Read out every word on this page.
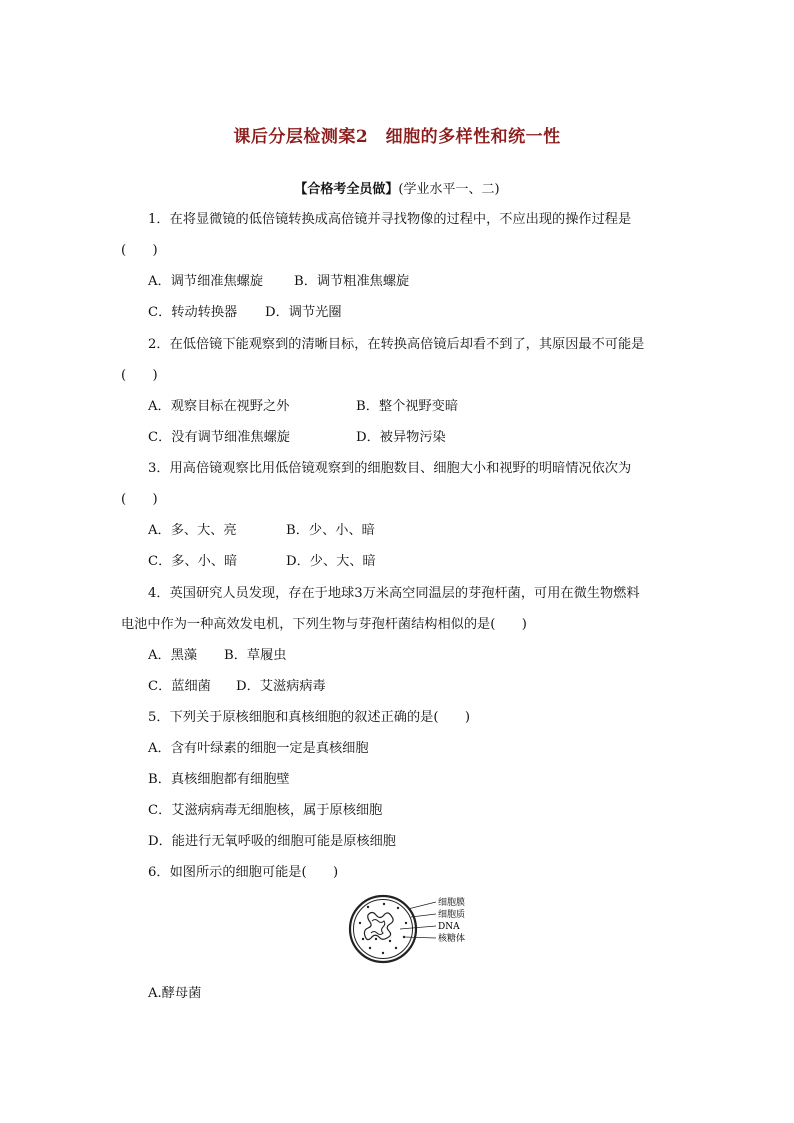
课后分层检测案2　细胞的多样性和统一性
【合格考全员做】(学业水平一、二)
1．在将显微镜的低倍镜转换成高倍镜并寻找物像的过程中，不应出现的操作过程是
(　　)
A．调节细准焦螺旋 B．调节粗准焦螺旋
C．转动转换器 D．调节光圈
2．在低倍镜下能观察到的清晰目标，在转换高倍镜后却看不到了，其原因最不可能是
(　　)
A．观察目标在视野之外	B．整个视野变暗
C．没有调节细准焦螺旋	D．被异物污染
3．用高倍镜观察比用低倍镜观察到的细胞数目、细胞大小和视野的明暗情况依次为
(　　)
A．多、大、亮	B．少、小、暗
C．多、小、暗	D．少、大、暗
4．英国研究人员发现，存在于地球3万米高空同温层的芽孢杆菌，可用在微生物燃料
电池中作为一种高效发电机，下列生物与芽孢杆菌结构相似的是(　　)
A．黑藻 B．草履虫
C．蓝细菌 D．艾滋病病毒
5．下列关于原核细胞和真核细胞的叙述正确的是(　　)
A．含有叶绿素的细胞一定是真核细胞
B．真核细胞都有细胞壁
C．艾滋病病毒无细胞核，属于原核细胞
D．能进行无氧呼吸的细胞可能是原核细胞
6．如图所示的细胞可能是(　　)
细胞膜
细胞质
DNA
核糖体
A.酵母菌
